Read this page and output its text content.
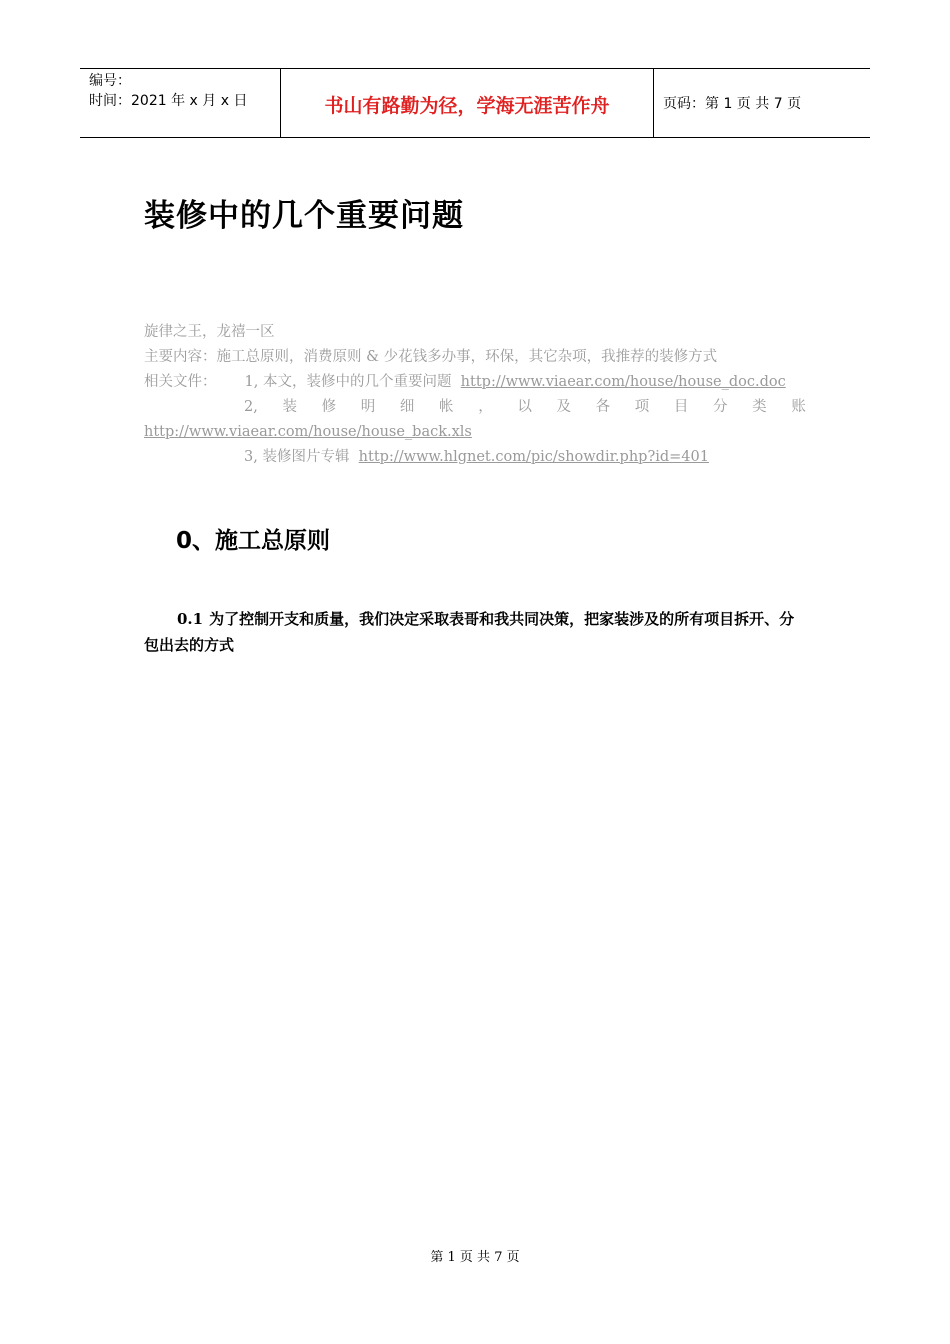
编号：
时间：2021 年 x 月 x 日	书山有路勤为径，学海无涯苦作舟	页码：第 1 页 共 7 页
装修中的几个重要问题
旋律之王，龙禧一区
主要内容：施工总原则，消费原则 & 少花钱多办事，环保，其它杂项，我推荐的装修方式
相关文件： 1, 本文，装修中的几个重要问题 http://www.viaear.com/house/house_doc.doc
2, 装 修 明 细 帐 ， 以 及 各 项 目 分 类 账
http://www.viaear.com/house/house_back.xls
3, 装修图片专辑 http://www.hlgnet.com/pic/showdir.php?id=401
0、施工总原则
0.1 为了控制开支和质量，我们决定采取表哥和我共同决策，把家装涉及的所有项目拆开、分包出去的方式
第 1 页 共 7 页
